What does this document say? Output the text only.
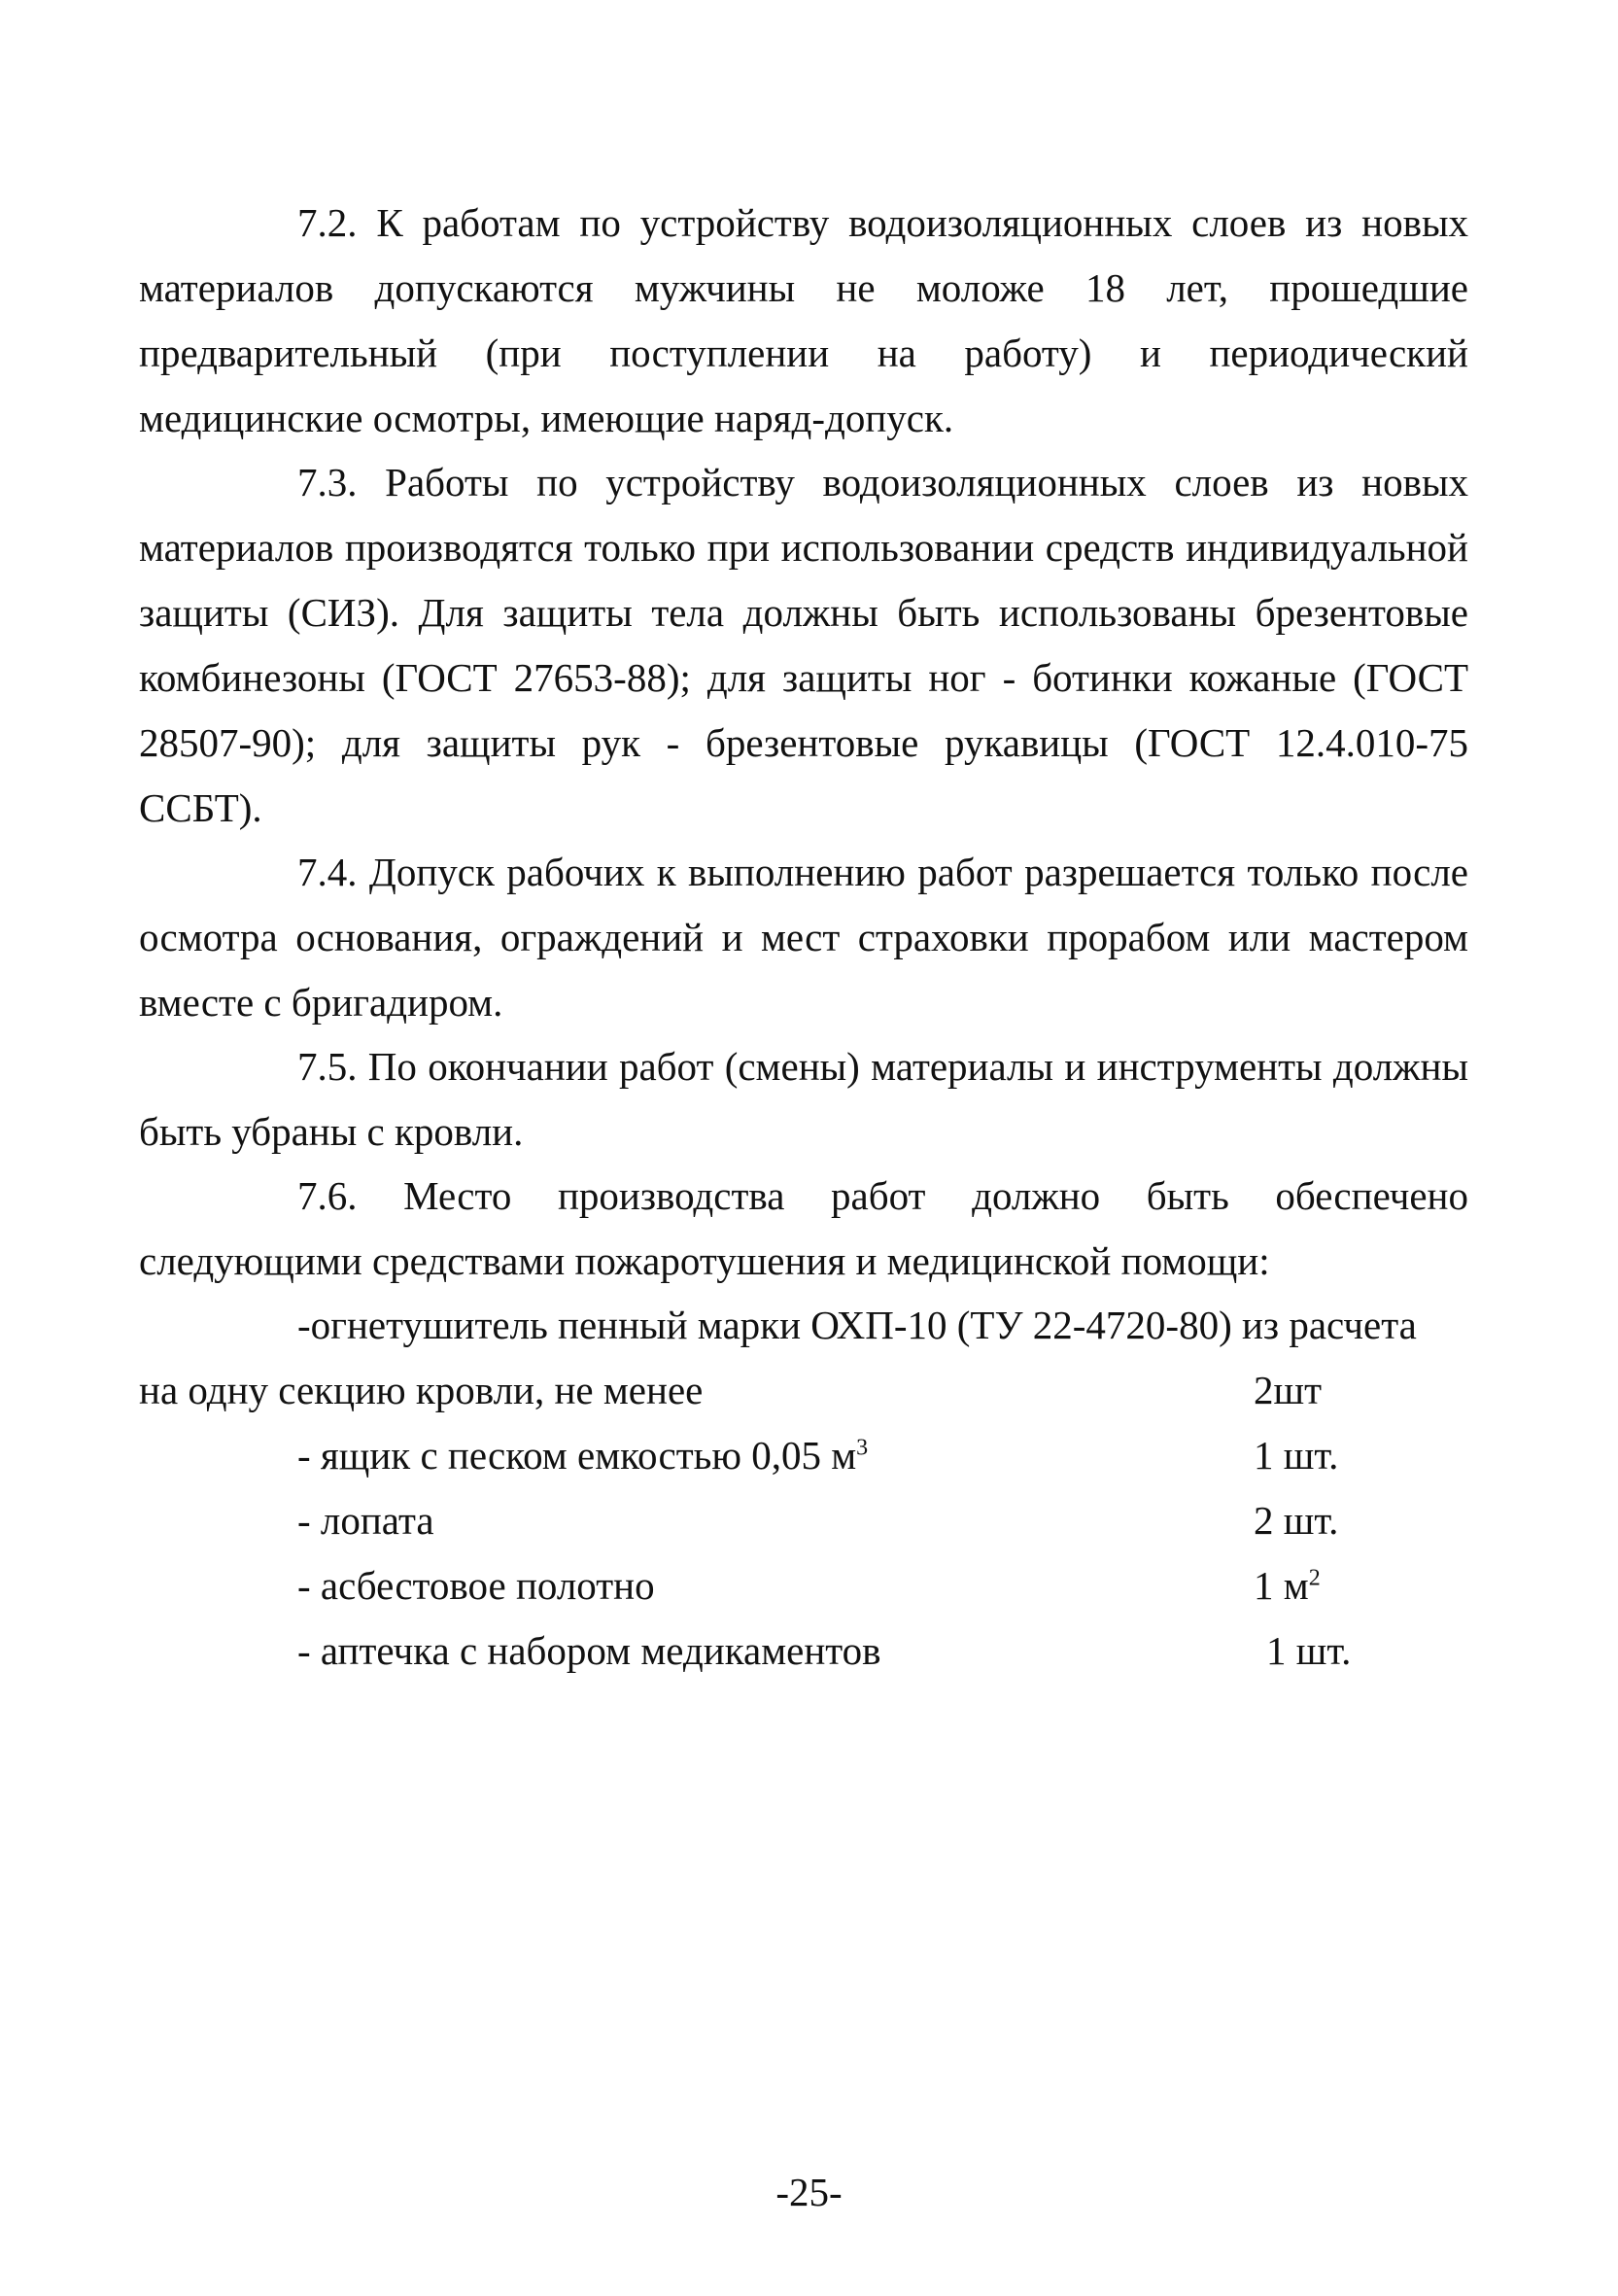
7.2. К работам по устройству водоизоляционных слоев из новых материалов допускаются мужчины не моложе 18 лет, прошедшие предварительный (при поступлении на работу) и периодический медицинские осмотры, имеющие наряд-допуск.

7.3. Работы по устройству водоизоляционных слоев из новых материалов производятся только при использовании средств индивидуальной защиты (СИЗ). Для защиты тела должны быть использованы брезентовые комбинезоны (ГОСТ 27653-88); для защиты ног - ботинки кожаные (ГОСТ 28507-90); для защиты рук - брезентовые рукавицы (ГОСТ 12.4.010-75 ССБТ).

7.4. Допуск рабочих к выполнению работ разрешается только после осмотра основания, ограждений и мест страховки прорабом или мастером вместе с бригадиром.

7.5. По окончании работ (смены) материалы и инструменты должны быть убраны с кровли.

7.6. Место производства работ должно быть обеспечено следующими средствами пожаротушения и медицинской помощи:

-огнетушитель пенный марки ОХП-10 (ТУ 22-4720-80) из расчета
на одну секцию кровли, не менее	2шт
- ящик с песком емкостью 0,05 $м^3$	1 шт.
- лопата	2 шт.
- асбестовое полотно	1 $м^2$
- аптечка с набором медикаментов	1 шт.

-25-
